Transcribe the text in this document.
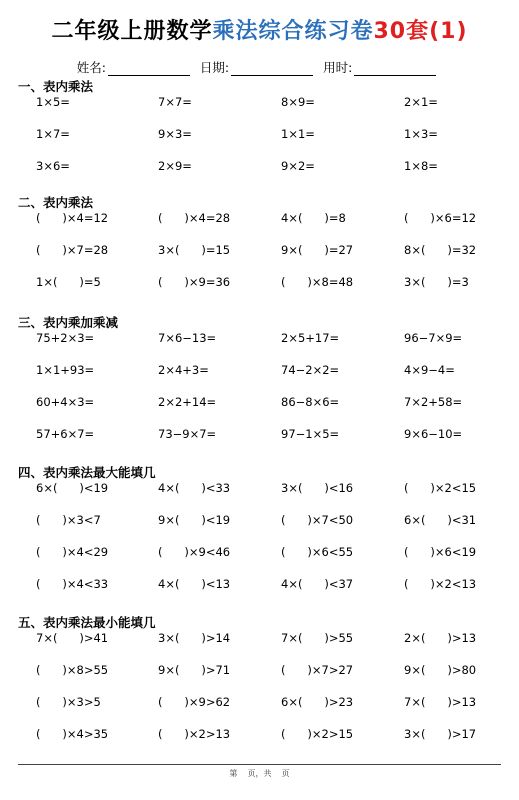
二年级上册数学乘法综合练习卷30套(1)
姓名:	日期:	用时:
一、表内乘法
1×5=	7×7=	8×9=	2×1=
1×7=	9×3=	1×1=	1×3=
3×6=	2×9=	9×2=	1×8=
二、表内乘法
(      )×4=12	(      )×4=28	4×(      )=8	(      )×6=12
(      )×7=28	3×(      )=15	9×(      )=27	8×(      )=32
1×(      )=5	(      )×9=36	(      )×8=48	3×(      )=3
三、表内乘加乘减
75+2×3=	7×6−13=	2×5+17=	96−7×9=
1×1+93=	2×4+3=	74−2×2=	4×9−4=
60+4×3=	2×2+14=	86−8×6=	7×2+58=
57+6×7=	73−9×7=	97−1×5=	9×6−10=
四、表内乘法最大能填几
6×(      )<19	4×(      )<33	3×(      )<16	(      )×2<15
(      )×3<7	9×(      )<19	(      )×7<50	6×(      )<31
(      )×4<29	(      )×9<46	(      )×6<55	(      )×6<19
(      )×4<33	4×(      )<13	4×(      )<37	(      )×2<13
五、表内乘法最小能填几
7×(      )>41	3×(      )>14	7×(      )>55	2×(      )>13
(      )×8>55	9×(      )>71	(      )×7>27	9×(      )>80
(      )×3>5	(      )×9>62	6×(      )>23	7×(      )>13
(      )×4>35	(      )×2>13	(      )×2>15	3×(      )>17
第    页，共    页
